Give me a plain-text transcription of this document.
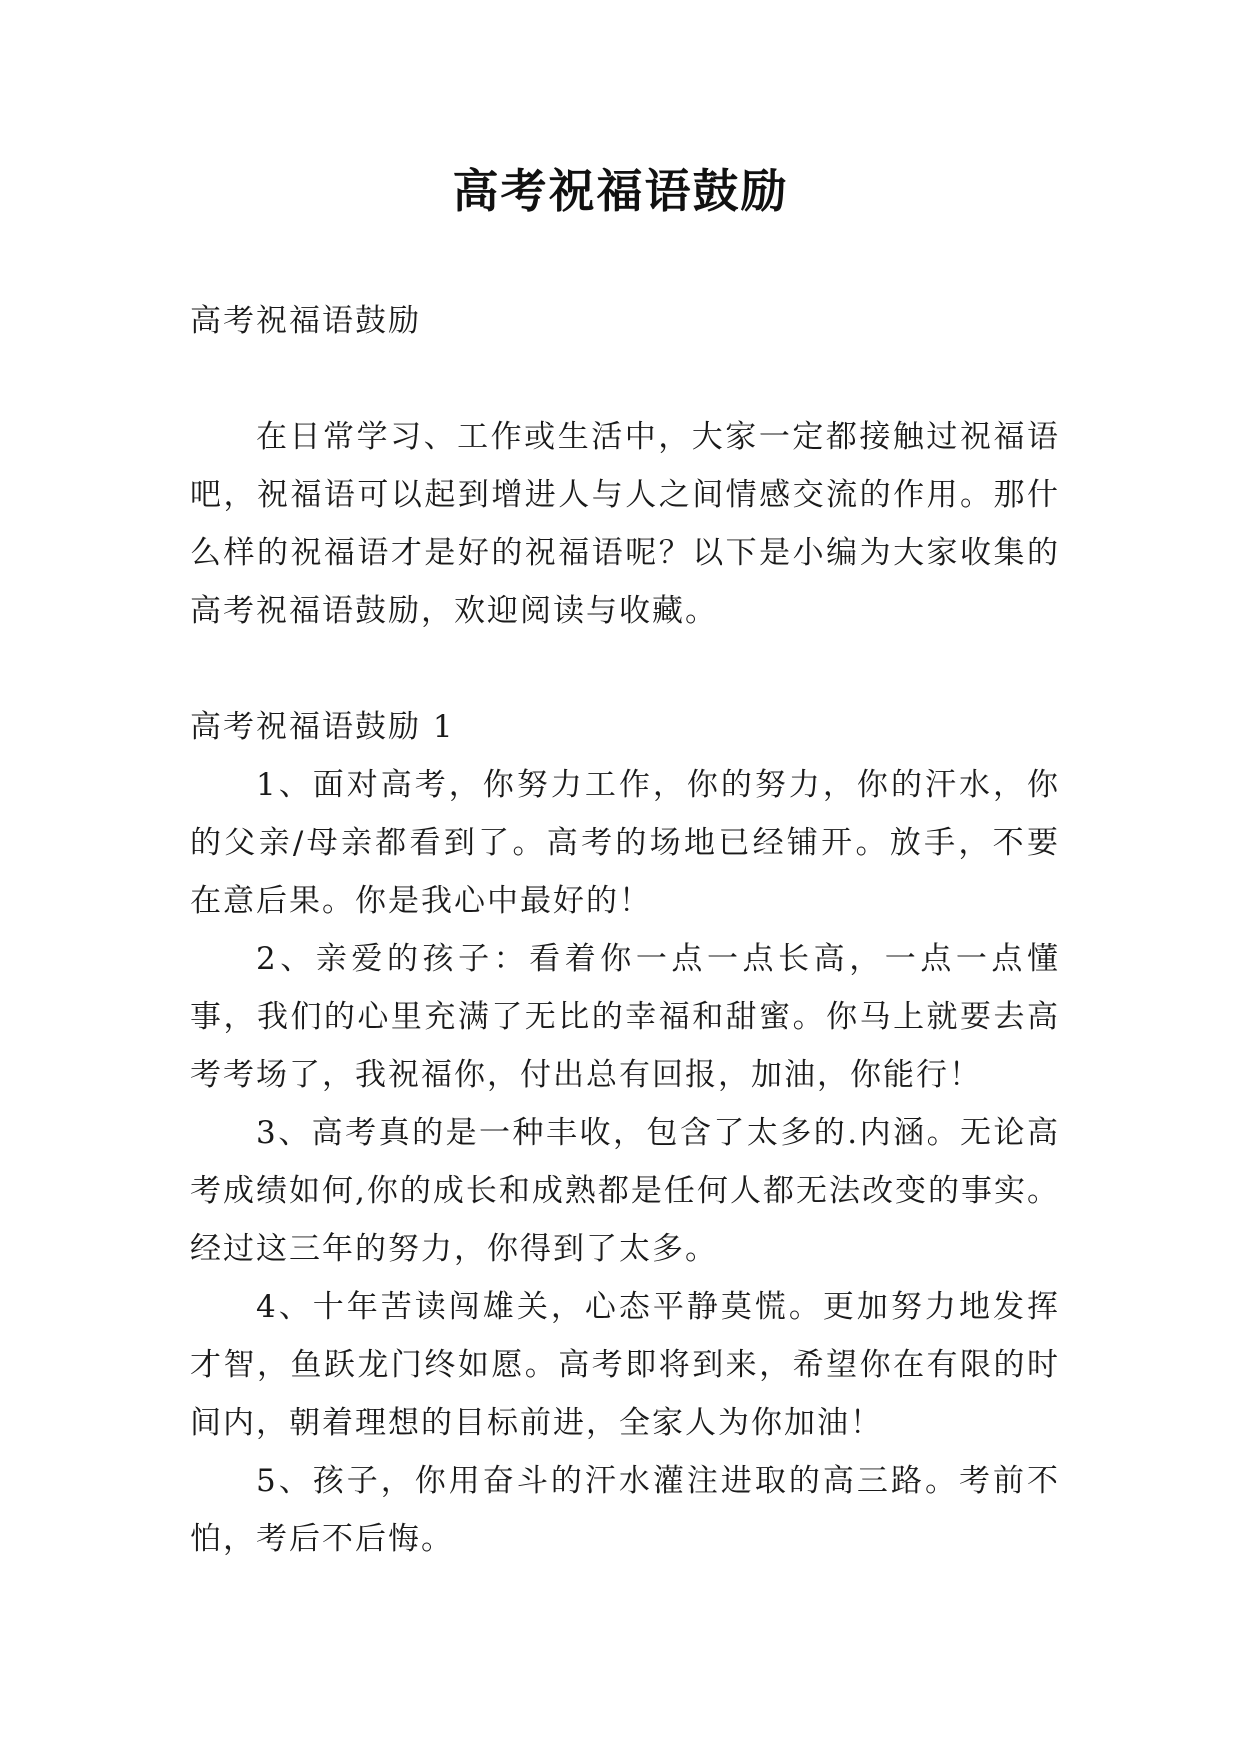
高考祝福语鼓励

高考祝福语鼓励

在日常学习、工作或生活中，大家一定都接触过祝福语吧，祝福语可以起到增进人与人之间情感交流的作用。那什么样的祝福语才是好的祝福语呢？以下是小编为大家收集的高考祝福语鼓励，欢迎阅读与收藏。

高考祝福语鼓励 1

1、面对高考，你努力工作，你的努力，你的汗水，你的父亲/母亲都看到了。高考的场地已经铺开。放手，不要在意后果。你是我心中最好的！

2、亲爱的孩子：看着你一点一点长高，一点一点懂事，我们的心里充满了无比的幸福和甜蜜。你马上就要去高考考场了，我祝福你，付出总有回报，加油，你能行！

3、高考真的是一种丰收，包含了太多的.内涵。无论高考成绩如何,你的成长和成熟都是任何人都无法改变的事实。经过这三年的努力，你得到了太多。

4、十年苦读闯雄关，心态平静莫慌。更加努力地发挥才智，鱼跃龙门终如愿。高考即将到来，希望你在有限的时间内，朝着理想的目标前进，全家人为你加油！

5、孩子，你用奋斗的汗水灌注进取的高三路。考前不怕，考后不后悔。
